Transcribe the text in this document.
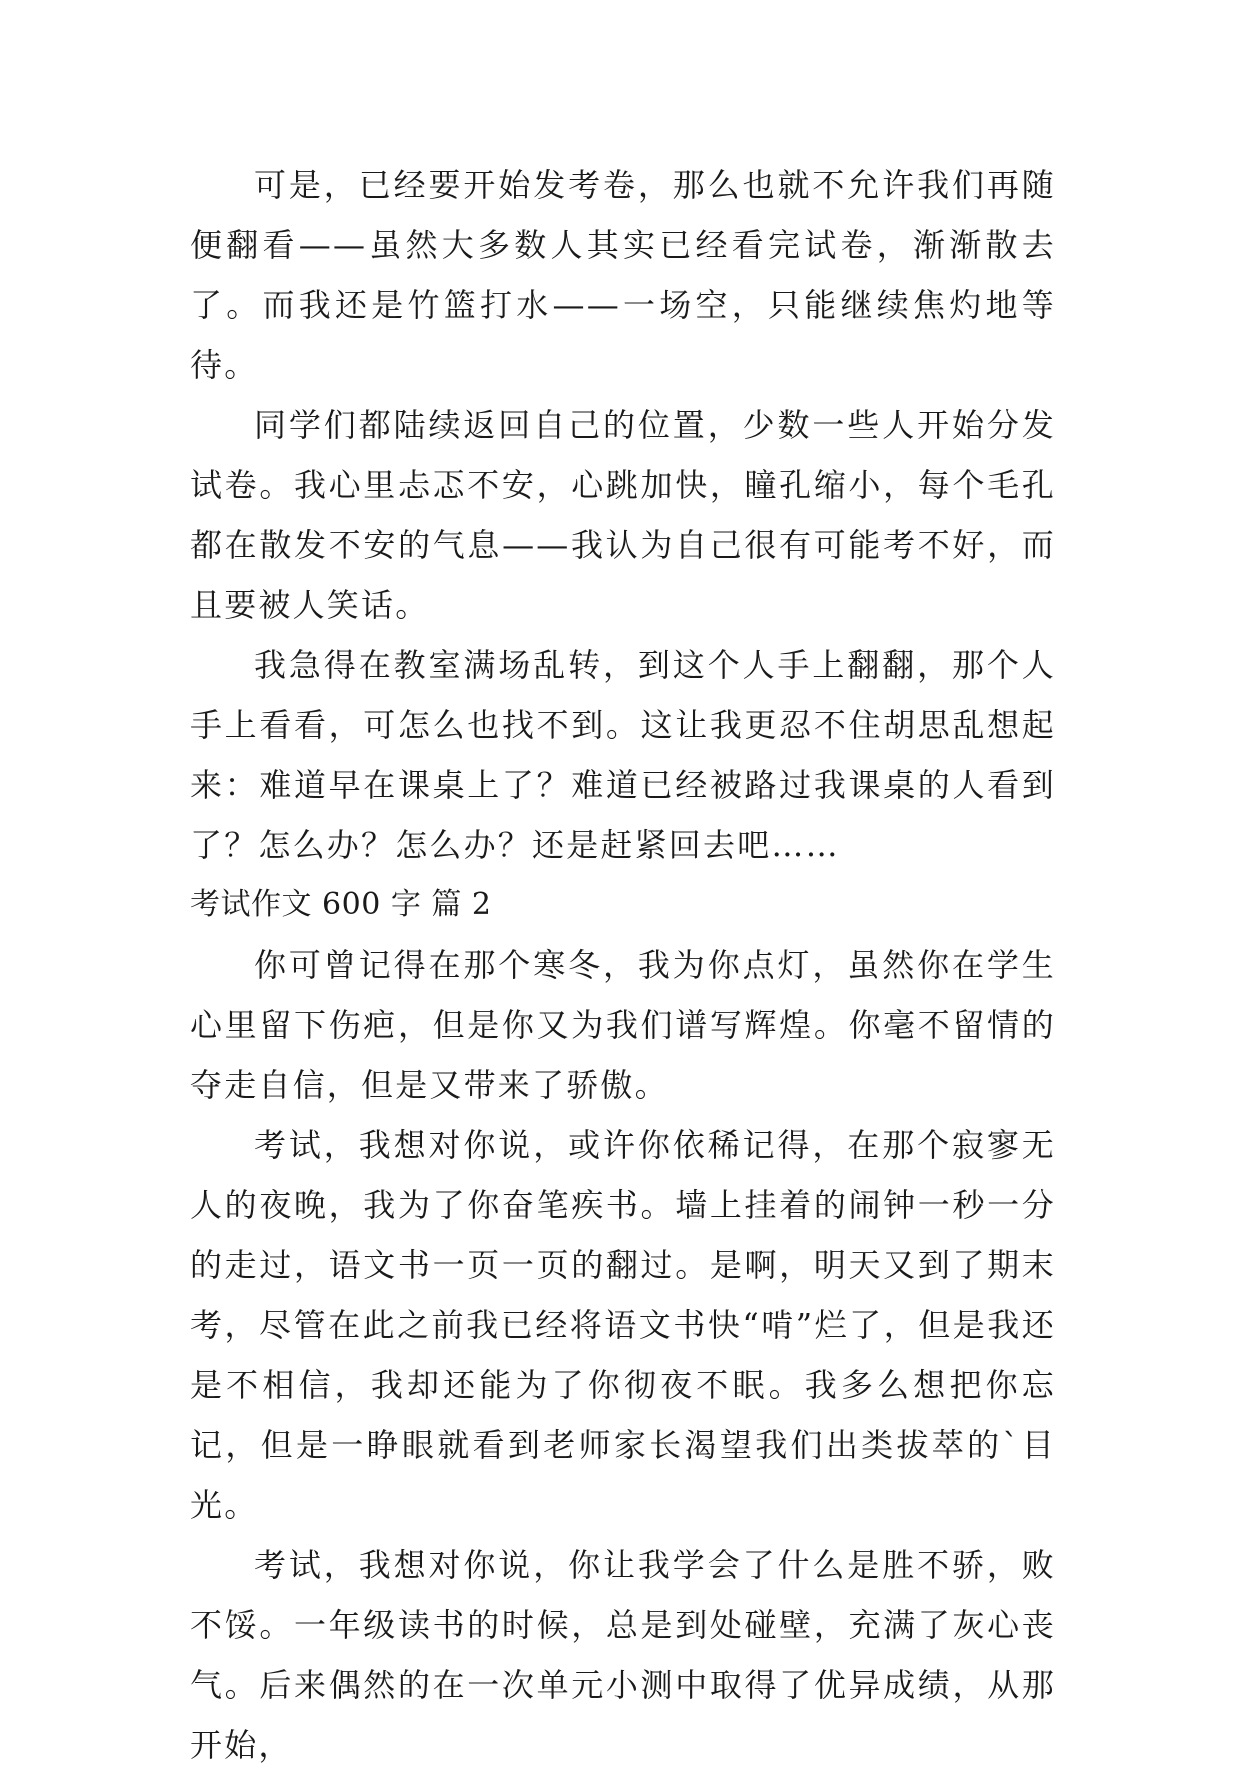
可是，已经要开始发考卷，那么也就不允许我们再随便翻看——虽然大多数人其实已经看完试卷，渐渐散去了。而我还是竹篮打水——一场空，只能继续焦灼地等待。

同学们都陆续返回自己的位置，少数一些人开始分发试卷。我心里忐忑不安，心跳加快，瞳孔缩小，每个毛孔都在散发不安的气息——我认为自己很有可能考不好，而且要被人笑话。

我急得在教室满场乱转，到这个人手上翻翻，那个人手上看看，可怎么也找不到。这让我更忍不住胡思乱想起来：难道早在课桌上了？难道已经被路过我课桌的人看到了？怎么办？怎么办？还是赶紧回去吧……

考试作文 600 字 篇 2

你可曾记得在那个寒冬，我为你点灯，虽然你在学生心里留下伤疤，但是你又为我们谱写辉煌。你毫不留情的夺走自信，但是又带来了骄傲。

考试，我想对你说，或许你依稀记得，在那个寂寥无人的夜晚，我为了你奋笔疾书。墙上挂着的闹钟一秒一分的走过，语文书一页一页的翻过。是啊，明天又到了期末考，尽管在此之前我已经将语文书快“啃”烂了，但是我还是不相信，我却还能为了你彻夜不眠。我多么想把你忘记，但是一睁眼就看到老师家长渴望我们出类拔萃的`目光。

考试，我想对你说，你让我学会了什么是胜不骄，败不馁。一年级读书的时候，总是到处碰壁，充满了灰心丧气。后来偶然的在一次单元小测中取得了优异成绩，从那开始，
